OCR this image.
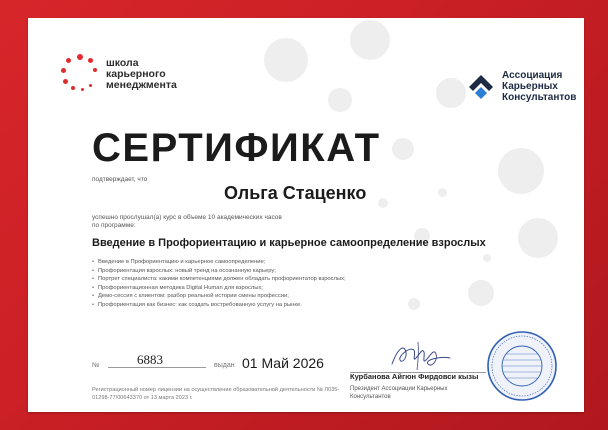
школа
карьерного
менеджмента
Ассоциация
Карьерных
Консультантов
СЕРТИФИКАТ
подтверждает, что
Ольга Стаценко
успешно прослушал(а) курс в объеме 10 академических часов
по программе:
Введение в Профориентацию и карьерное самоопределение взрослых
• Введение в Профориентацию и карьерное самоопределение;
• Профориентация взрослых: новый тренд на осознанную карьеру;
• Портрет специалиста: какими компетенциями должен обладать профориентатор взрослых;
• Профориентационная методика Digital Human для взрослых;
• Демо-сессия с клиентом: разбор реальной истории смены профессии;
• Профориентация как бизнес: как создать востребованную услугу на рынке.
№	6883	выдан 01 Май 2026
Регистрационный номер лицензии на осуществление образовательной деятельности № Л035-01298-77/00643370 от 13 марта 2023 г.
Курбанова Айгюн Фирдовси кызы
Президент Ассоциации Карьерных Консультантов
